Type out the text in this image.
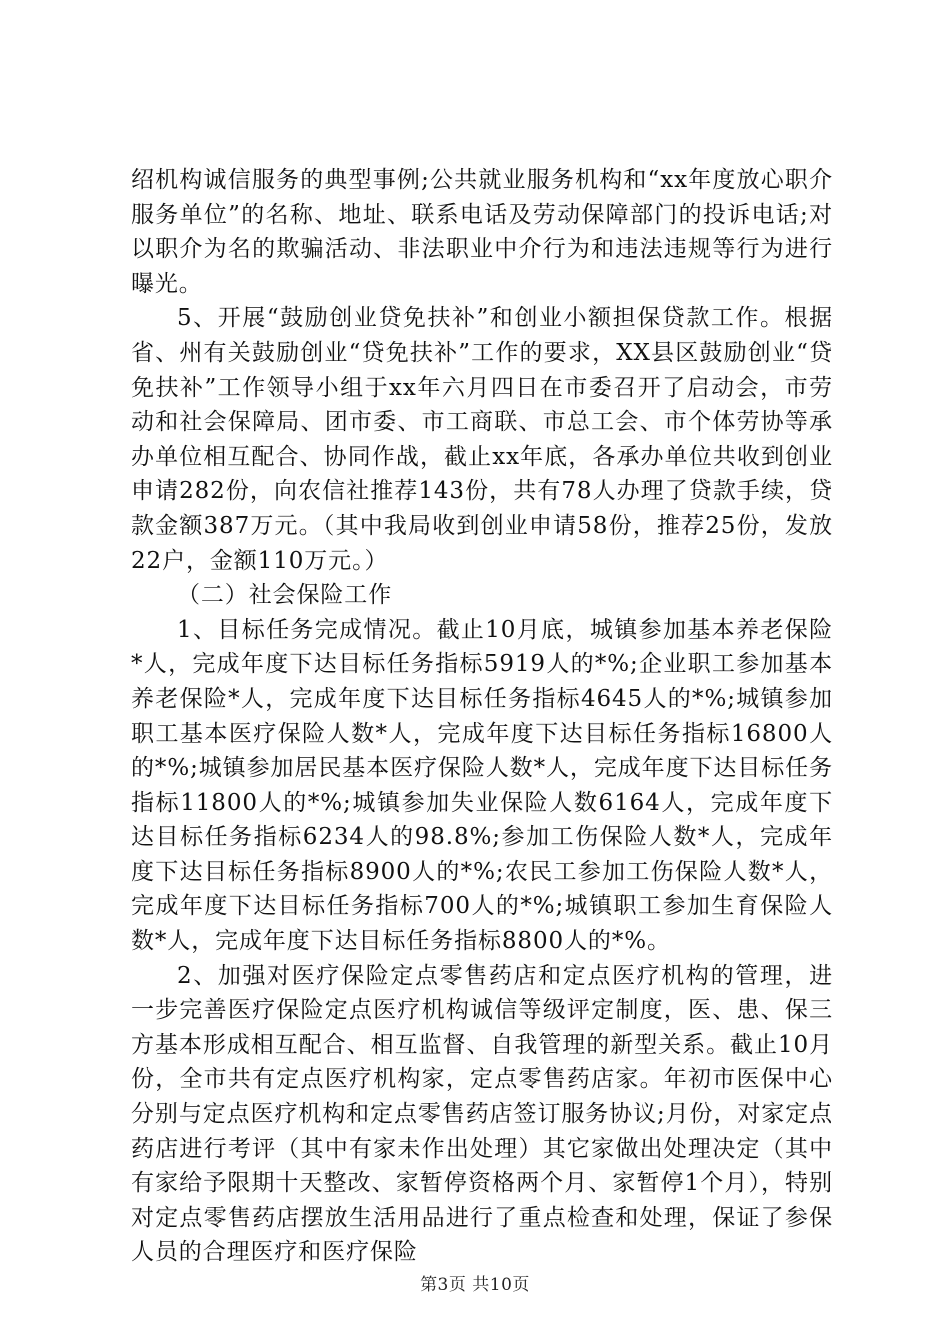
绍机构诚信服务的典型事例;公共就业服务机构和“xx年度放心职介服务单位”的名称、地址、联系电话及劳动保障部门的投诉电话;对以职介为名的欺骗活动、非法职业中介行为和违法违规等行为进行曝光。

5、开展“鼓励创业贷免扶补”和创业小额担保贷款工作。根据省、州有关鼓励创业“贷免扶补”工作的要求，XX县区鼓励创业“贷免扶补”工作领导小组于xx年六月四日在市委召开了启动会，市劳动和社会保障局、团市委、市工商联、市总工会、市个体劳协等承办单位相互配合、协同作战，截止xx年底，各承办单位共收到创业申请282份，向农信社推荐143份，共有78人办理了贷款手续，贷款金额387万元。（其中我局收到创业申请58份，推荐25份，发放22户，金额110万元。）

（二）社会保险工作

1、目标任务完成情况。截止10月底，城镇参加基本养老保险*人，完成年度下达目标任务指标5919人的*%;企业职工参加基本养老保险*人，完成年度下达目标任务指标4645人的*%;城镇参加职工基本医疗保险人数*人，完成年度下达目标任务指标16800人的*%;城镇参加居民基本医疗保险人数*人，完成年度下达目标任务指标11800人的*%;城镇参加失业保险人数6164人，完成年度下达目标任务指标6234人的98.8%;参加工伤保险人数*人，完成年度下达目标任务指标8900人的*%;农民工参加工伤保险人数*人，完成年度下达目标任务指标700人的*%;城镇职工参加生育保险人数*人，完成年度下达目标任务指标8800人的*%。

2、加强对医疗保险定点零售药店和定点医疗机构的管理，进一步完善医疗保险定点医疗机构诚信等级评定制度，医、患、保三方基本形成相互配合、相互监督、自我管理的新型关系。截止10月份，全市共有定点医疗机构家，定点零售药店家。年初市医保中心分别与定点医疗机构和定点零售药店签订服务协议;月份，对家定点药店进行考评（其中有家未作出处理）其它家做出处理决定（其中有家给予限期十天整改、家暂停资格两个月、家暂停1个月），特别对定点零售药店摆放生活用品进行了重点检查和处理，保证了参保人员的合理医疗和医疗保险

第3页 共10页
